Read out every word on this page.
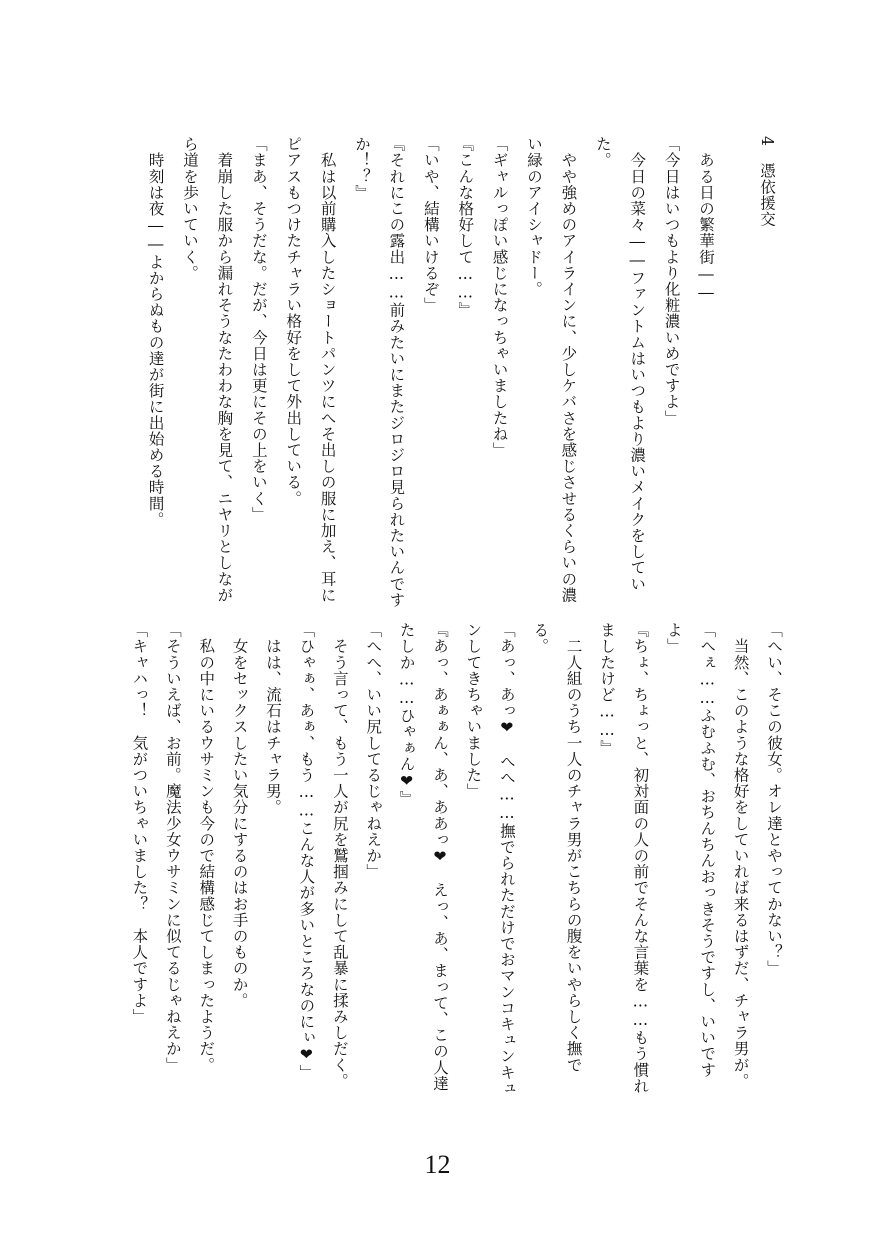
4　憑依援交
　ある日の繁華街――
「今日はいつもより化粧濃いめですよ」
　今日の菜々――ファントムはいつもより濃いメイクをしてい
た。
　やや強めのアイラインに、少しケバさを感じさせるくらいの濃
い緑のアイシャドー。
「ギャルっぽい感じになっちゃいましたね」
『こんな格好して……』
「いや、結構いけるぞ」
『それにこの露出……前みたいにまたジロジロ見られたいんです
か！？』
　私は以前購入したショートパンツにへそ出しの服に加え、耳に
ピアスもつけたチャラい格好をして外出している。
「まあ、そうだな。だが、今日は更にその上をいく」
　着崩した服から漏れそうなたわわな胸を見て、ニヤリとしなが
ら道を歩いていく。
　時刻は夜――よからぬもの達が街に出始める時間。
「へい、そこの彼女。オレ達とやってかない？」
　当然、このような格好をしていれば来るはずだ、チャラ男が。
「へぇ……ふむふむ、おちんちんおっきそうですし、いいです
よ」
『ちょ、ちょっと、初対面の人の前でそんな言葉を……もう慣れ
ましたけど……』
　二人組のうち一人のチャラ男がこちらの腹をいやらしく撫で
る。
「あっ、あっ❤　へへ……撫でられただけでおマンコキュンキュ
ンしてきちゃいました」
『あっ、あぁぁん、あ、ああっ❤　えっ、あ、まって、この人達
たしか……ひゃぁん❤』
「へへ、いい尻してるじゃねえか」
　そう言って、もう一人が尻を鷲掴みにして乱暴に揉みしだく。
「ひゃぁ、あぁ、もう……こんな人が多いところなのにぃ❤」
　はは、流石はチャラ男。
　女をセックスしたい気分にするのはお手のものか。
　私の中にいるウサミンも今ので結構感じてしまったようだ。
「そういえば、お前。魔法少女ウサミンに似てるじゃねえか」
「キャハっ！　気がついちゃいました？　本人ですよ」
12
